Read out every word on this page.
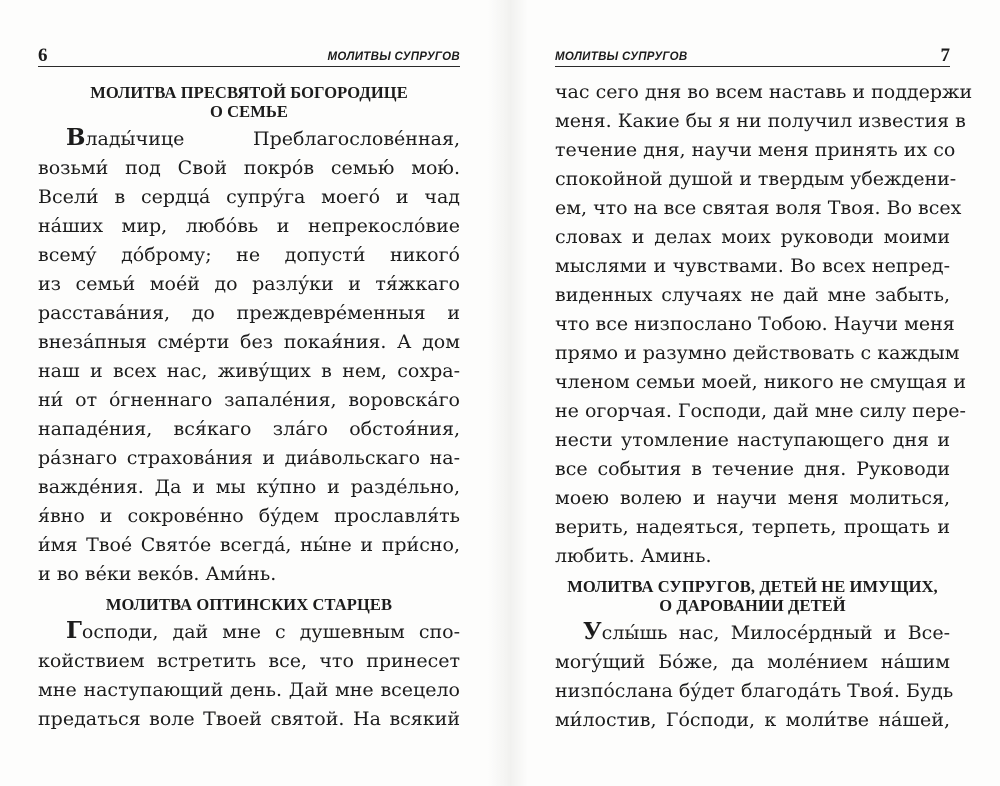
6	МОЛИТВЫ СУПРУГОВ
МОЛИТВА ПРЕСВЯТОЙ БОГОРОДИЦЕ
О СЕМЬЕ

Влады́чице Преблагослове́нная,
возьми́ под Свой покро́в семью́ мою́.
Всели́ в сердца́ супру́га моего́ и чад
на́ших мир, любо́вь и непрекосло́вие
всему́ до́брому; не допусти́ никого́
из семьи́ мое́й до разлу́ки и тя́жкаго
расстава́ния, до преждевре́менныя и
внеза́пныя сме́рти без покая́ния. А дом
наш и всех нас, живу́щих в нем, сохра-
ни́ от о́гненнаго запале́ния, воровска́го
нападе́ния, вся́каго зла́го обстоя́ния,
ра́знаго страхова́ния и диа́вольскаго на-
важде́ния. Да и мы ку́пно и разде́льно,
я́вно и сокрове́нно бу́дем прославля́ть
и́мя Твое́ Свято́е всегда́, ны́не и при́сно,
и во ве́ки веко́в. Ами́нь.

МОЛИТВА ОПТИНСКИХ СТАРЦЕВ

Господи, дай мне с душевным спо-
койствием встретить все, что принесет
мне наступающий день. Дай мне всецело
предаться воле Твоей святой. На всякий

МОЛИТВЫ СУПРУГОВ	7

час сего дня во всем наставь и поддержи
меня. Какие бы я ни получил известия в
течение дня, научи меня принять их со
спокойной душой и твердым убеждени-
ем, что на все святая воля Твоя. Во всех
словах и делах моих руководи моими
мыслями и чувствами. Во всех непред-
виденных случаях не дай мне забыть,
что все низпослано Тобою. Научи меня
прямо и разумно действовать с каждым
членом семьи моей, никого не смущая и
не огорчая. Господи, дай мне силу пере-
нести утомление наступающего дня и
все события в течение дня. Руководи
моею волею и научи меня молиться,
верить, надеяться, терпеть, прощать и
любить. Аминь.

МОЛИТВА СУПРУГОВ, ДЕТЕЙ НЕ ИМУЩИХ,
О ДАРОВАНИИ ДЕТЕЙ

Услы́шь нас, Милосе́рдный и Все-
могу́щий Бо́же, да моле́нием на́шим
низпо́слана бу́дет благода́ть Твоя́. Будь
ми́лостив, Го́споди, к моли́тве на́шей,
